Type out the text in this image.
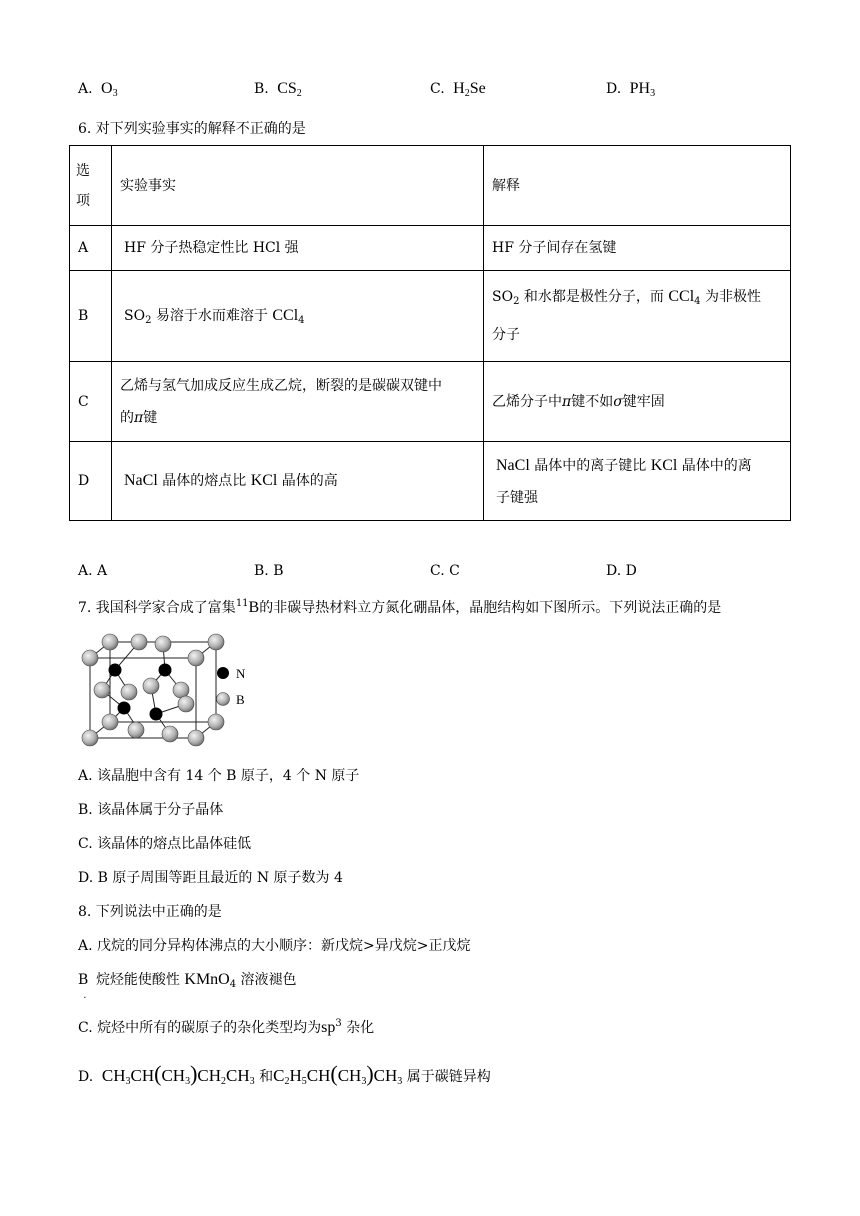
A. $O_3$	B. $CS_2$	C. $H_2Se$	D. $PH_3$
6. 对下列实验事实的解释不正确的是
选
项	实验事实	解释
A	HF 分子热稳定性比 HCl 强	HF 分子间存在氢键
B	$SO_2$ 易溶于水而难溶于 CCl$_4$	$SO_2$ 和水都是极性分子，而 CCl$_4$ 为非极性
分子

C	乙烯与氢气加成反应生成乙烷，断裂的是碳碳双键中
的π键	乙烯分子中π键不如σ键牢固
D	NaCl 晶体的熔点比 KCl 晶体的高	NaCl 晶体中的离子键比 KCl 晶体中的离
子键强
A. A	B. B	C. C	D. D
7. 我国科学家合成了富集$^{11}$B的非碳导热材料立方氮化硼晶体，晶胞结构如下图所示。下列说法正确的是
N
B
A. 该晶胞中含有 14 个 B 原子，4 个 N 原子
B. 该晶体属于分子晶体
C. 该晶体的熔点比晶体硅低
D. B 原子周围等距且最近的 N 原子数为 4
8. 下列说法中正确的是
A. 戊烷的同分异构体沸点的大小顺序：新戊烷>异戊烷>正戊烷
$B_.$ 烷烃能使酸性 KMnO$_4$ 溶液褪色
C. 烷烃中所有的碳原子的杂化类型均为$sp^3$ 杂化
D.  $CH_3CH(CH_3)CH_2CH_3$ 和$C_2H_5CH(CH_3)CH_3$ 属于碳链异构
